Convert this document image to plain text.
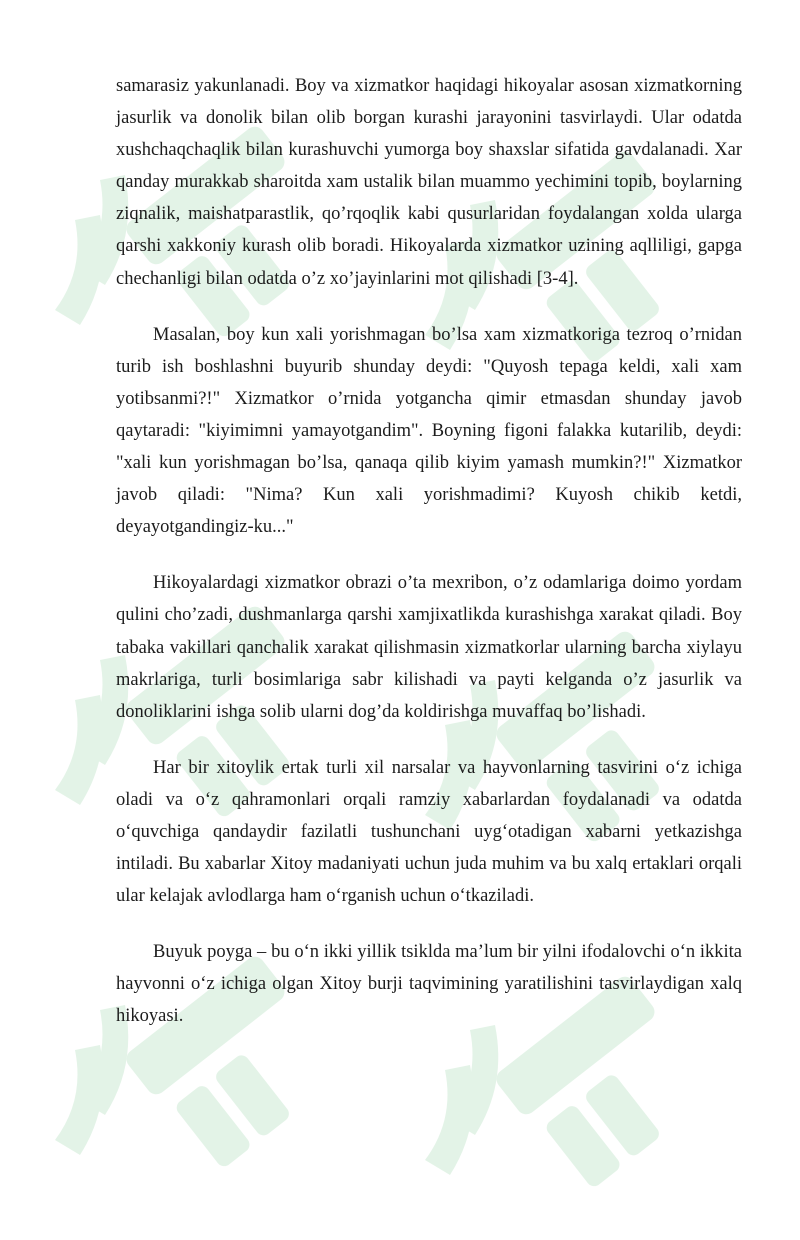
samarasiz yakunlanadi. Boy va xizmatkor haqidagi hikoyalar asosan xizmatkorning jasurlik va donolik bilan olib borgan kurashi jarayonini tasvirlaydi. Ular odatda xushchaqchaqlik bilan kurashuvchi yumorga boy shaxslar sifatida gavdalanadi. Xar qanday murakkab sharoitda xam ustalik bilan muammo yechimini topib, boylarning ziqnalik, maishatparastlik, qo’rqoqlik kabi qusurlaridan foydalangan xolda ularga qarshi xakkoniy kurash olib boradi. Hikoyalarda xizmatkor uzining aqlliligi, gapga chechanligi bilan odatda o’z xo’jayinlarini mot qilishadi [3-4].

Masalan, boy kun xali yorishmagan bo’lsa xam xizmatkoriga tezroq o’rnidan turib ish boshlashni buyurib shunday deydi: "Quyosh tepaga keldi, xali xam yotibsanmi?!" Xizmatkor o’rnida yotgancha qimir etmasdan shunday javob qaytaradi: "kiyimimni yamayotgandim". Boyning figoni falakka kutarilib, deydi: "xali kun yorishmagan bo’lsa, qanaqa qilib kiyim yamash mumkin?!" Xizmatkor javob qiladi: "Nima? Kun xali yorishmadimi? Kuyosh chikib ketdi, deyayotgandingiz-ku..."

Hikoyalardagi xizmatkor obrazi o’ta mexribon, o’z odamlariga doimo yordam qulini cho’zadi, dushmanlarga qarshi xamjixatlikda kurashishga xarakat qiladi. Boy tabaka vakillari qanchalik xarakat qilishmasin xizmatkorlar ularning barcha xiylayu makrlariga, turli bosimlariga sabr kilishadi va payti kelganda o’z jasurlik va donoliklarini ishga solib ularni dog’da koldirishga muvaffaq bo’lishadi.

Har bir xitoylik ertak turli xil narsalar va hayvonlarning tasvirini o‘z ichiga oladi va o‘z qahramonlari orqali ramziy xabarlardan foydalanadi va odatda o‘quvchiga qandaydir fazilatli tushunchani uyg‘otadigan xabarni yetkazishga intiladi. Bu xabarlar Xitoy madaniyati uchun juda muhim va bu xalq ertaklari orqali ular kelajak avlodlarga ham o‘rganish uchun o‘tkaziladi.

Buyuk poyga – bu o‘n ikki yillik tsiklda ma’lum bir yilni ifodalovchi o‘n ikkita hayvonni o‘z ichiga olgan Xitoy burji taqvimining yaratilishini tasvirlaydigan xalq hikoyasi.
